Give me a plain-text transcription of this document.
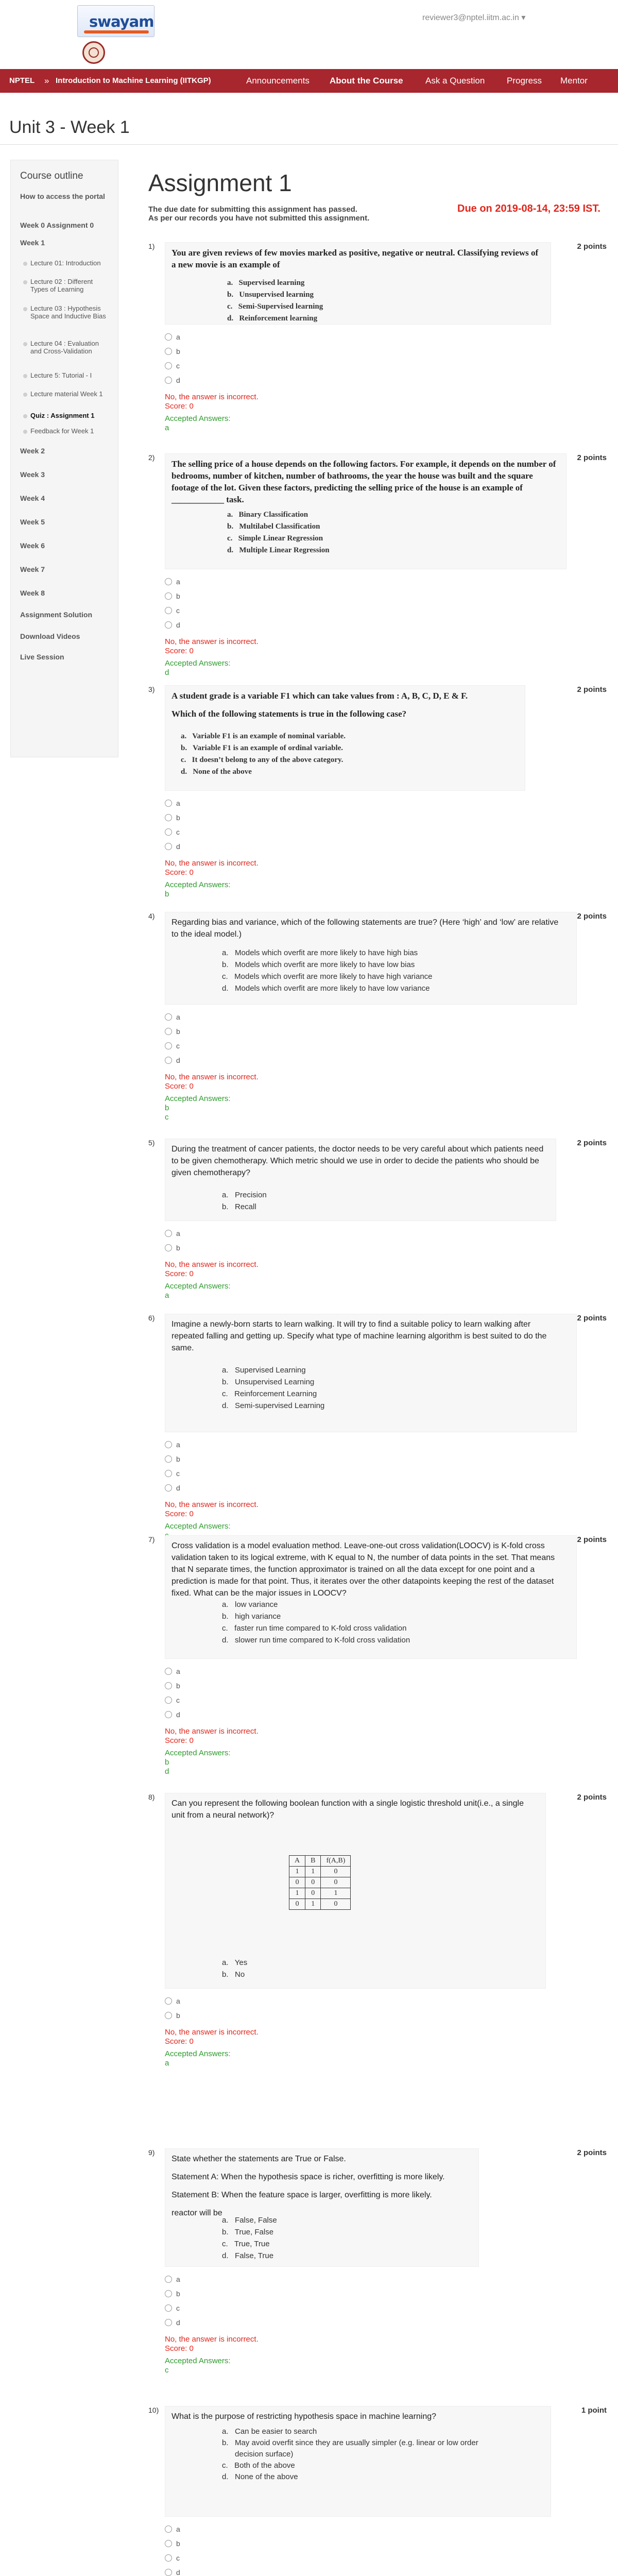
swayam	reviewer3@nptel.iitm.ac.in ▾
NPTEL » Introduction to Machine Learning (IITKGP)	Announcements About the Course	Ask a Question	Progress Mentor
Unit 3 - Week 1
Course outline
How to access the portal
Week 0 Assignment 0
Week 1
Lecture 01: Introduction
Lecture 02 : Different Types of Learning
Lecture 03 : Hypothesis Space and Inductive Bias
Lecture 04 : Evaluation and Cross-Validation
Lecture 5: Tutorial - I
Lecture material Week 1
Quiz : Assignment 1
Feedback for Week 1
Week 2
Week 3
Week 4
Week 5
Week 6
Week 7
Week 8
Assignment Solution
Download Videos
Live Session
Assignment 1
The due date for submitting this assignment has passed.
As per our records you have not submitted this assignment.
Due on 2019-08-14, 23:59 IST.
1)	2 points
You are given reviews of few movies marked as positive, negative or neutral. Classifying reviews of a new movie is an example of
a.   Supervised learning
b.   Unsupervised learning
c.   Semi-Supervised learning
d.   Reinforcement learning
a
b
c
d
No, the answer is incorrect.
Score: 0
Accepted Answers:
a
2)	2 points
The selling price of a house depends on the following factors. For example, it depends on the number of bedrooms, number of kitchen, number of bathrooms, the year the house was built and the square footage of the lot. Given these factors, predicting the selling price of the house is an example of ____________ task.
a.   Binary Classification
b.   Multilabel Classification
c.   Simple Linear Regression
d.   Multiple Linear Regression
a
b
c
d
No, the answer is incorrect.
Score: 0
Accepted Answers:
d
3)	2 points
A student grade is a variable F1 which can take values from : A, B, C, D, E & F.
Which of the following statements is true in the following case?
a.   Variable F1 is an example of nominal variable.
b.   Variable F1 is an example of ordinal variable.
c.   It doesn’t belong to any of the above category.
d.   None of the above
a
b
c
d
No, the answer is incorrect.
Score: 0
Accepted Answers:
b
4)	2 points
Regarding bias and variance, which of the following statements are true? (Here ‘high’ and ‘low’ are relative to the ideal model.)
a.   Models which overfit are more likely to have high bias
b.   Models which overfit are more likely to have low bias
c.   Models which overfit are more likely to have high variance
d.   Models which overfit are more likely to have low variance
a
b
c
d
No, the answer is incorrect.
Score: 0
Accepted Answers:
b
c
5)	2 points
During the treatment of cancer patients, the doctor needs to be very careful about which patients need to be given chemotherapy. Which metric should we use in order to decide the patients who should be given chemotherapy?
a.   Precision
b.   Recall
a
b
No, the answer is incorrect.
Score: 0
Accepted Answers:
a
6)	2 points
Imagine a newly-born starts to learn walking. It will try to find a suitable policy to learn walking after repeated falling and getting up. Specify what type of machine learning algorithm is best suited to do the same.
a.   Supervised Learning
b.   Unsupervised Learning
c.   Reinforcement Learning
d.   Semi-supervised Learning
a
b
c
d
No, the answer is incorrect.
Score: 0
Accepted Answers:
7)	2 points
Cross validation is a model evaluation method. Leave-one-out cross validation(LOOCV) is K-fold cross validation taken to its logical extreme, with K equal to N, the number of data points in the set. That means that N separate times, the function approximator is trained on all the data except for one point and a prediction is made for that point. Thus, it iterates over the other datapoints keeping the rest of the dataset fixed. What can be the major issues in LOOCV?
a.   low variance
b.   high variance
c.   faster run time compared to K-fold cross validation
d.   slower run time compared to K-fold cross validation
a
b
c
d
No, the answer is incorrect.
Score: 0
Accepted Answers:
b
d
8)	2 points
Can you represent the following boolean function with a single logistic threshold unit(i.e., a single unit from a neural network)?
A	B	f(A,B)
1	1	0
0	0	0
1	0	1
0	1	0
a.   Yes
b.   No
a
b
No, the answer is incorrect.
Score: 0
Accepted Answers:
a
9)	2 points
State whether the statements are True or False.
Statement A: When the hypothesis space is richer, overfitting is more likely.
Statement B: When the feature space is larger, overfitting is more likely.
reactor will be
a.   False, False
b.   True, False
c.   True, True
d.   False, True
a
b
c
d
No, the answer is incorrect.
Score: 0
Accepted Answers:
c
10)	1 point
What is the purpose of restricting hypothesis space in machine learning?
a.   Can be easier to search
b.   May avoid overfit since they are usually simpler (e.g. linear or low order
decision surface)
c.   Both of the above
d.   None of the above
a
b
c
d
